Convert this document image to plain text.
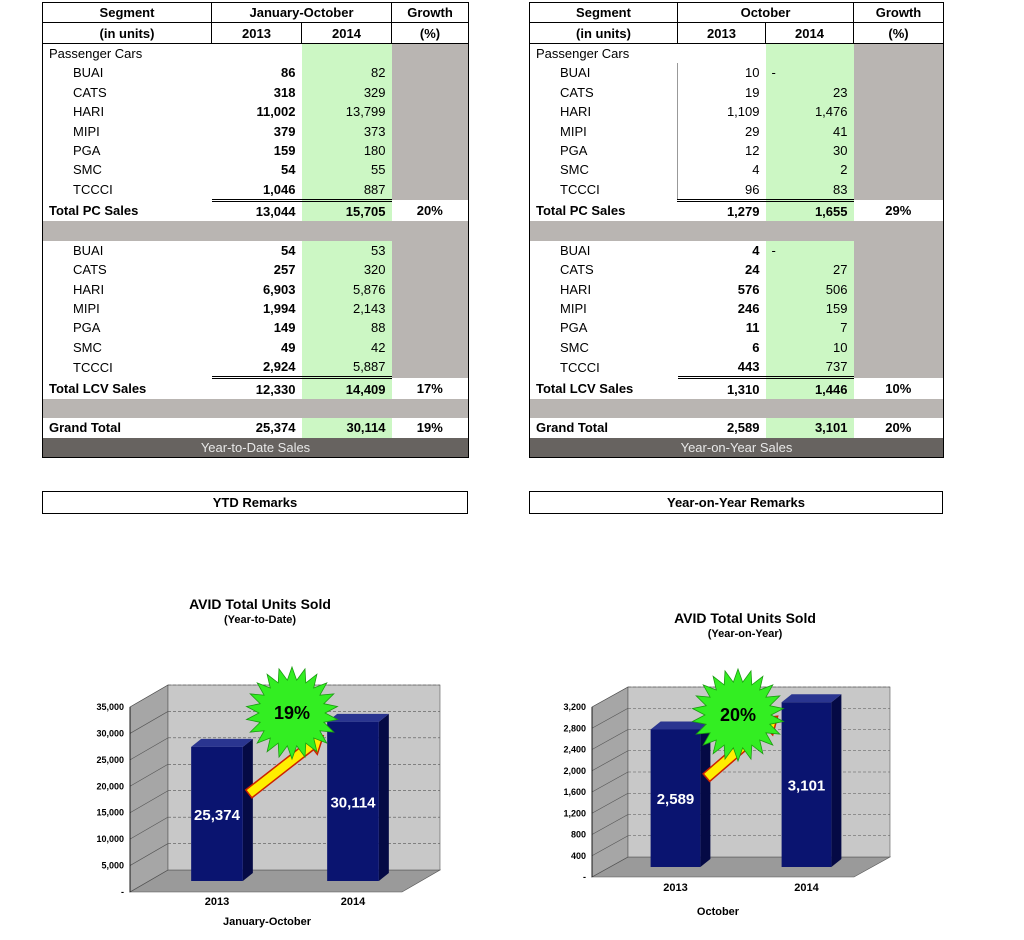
Segment	January-October		Growth
(in units)	2013	2014	(%)
Passenger Cars			
BUAI	86	82	
CATS	318	329	
HARI	11,002	13,799	
MIPI	379	373	
PGA	159	180	
SMC	54	55	
TCCCI	1,046	887	
Total PC Sales	13,044	15,705	20%

BUAI	54	53	
CATS	257	320	
HARI	6,903	5,876	
MIPI	1,994	2,143	
PGA	149	88	
SMC	49	42	
TCCCI	2,924	5,887	
Total LCV Sales	12,330	14,409	17%

Grand Total	25,374	30,114	19%
Year-to-Date Sales			
Segment	October		Growth
(in units)	2013	2014	(%)
Passenger Cars			
BUAI	10	-	
CATS	19	23	
HARI	1,109	1,476	
MIPI	29	41	
PGA	12	30	
SMC	4	2	
TCCCI	96	83	
Total PC Sales	1,279	1,655	29%

BUAI	4	-	
CATS	24	27	
HARI	576	506	
MIPI	246	159	
PGA	11	7	
SMC	6	10	
TCCCI	443	737	
Total LCV Sales	1,310	1,446	10%

Grand Total	2,589	3,101	20%
Year-on-Year Sales			
YTD Remarks	Year-on-Year Remarks
AVID Total Units Sold
(Year-to-Date)
-
5,000
10,000
15,000
20,000
25,000
30,000
35,000
25,374
2013
30,114
2014
January-October
19%
AVID Total Units Sold
(Year-on-Year)
-
400
800
1,200
1,600
2,000
2,400
2,800
3,200
2,589
2013
3,101
2014
October
20%
